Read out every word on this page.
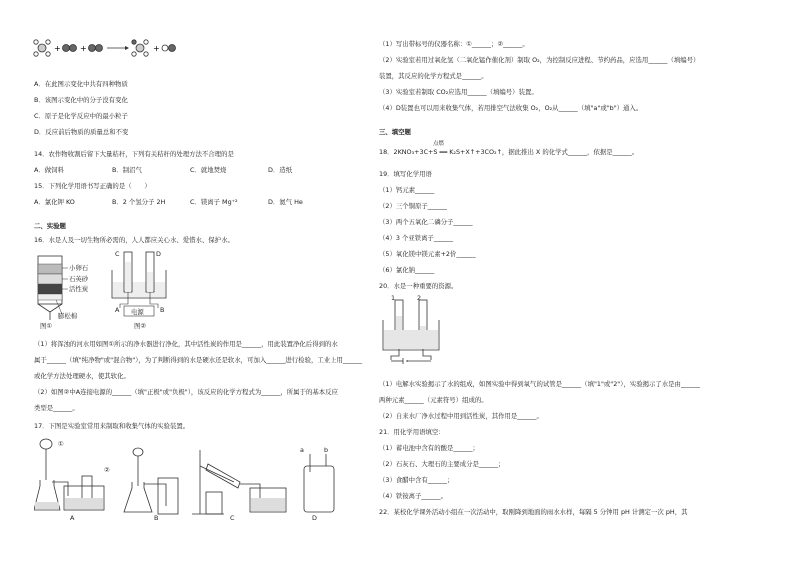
+ +	+
A．在此图示变化中共有四种物质
B．该图示变化中的分子没有变化
C．原子是化学反应中的最小粒子
D．反应前后物质的质量总和不变
14．农作物收割后留下大量秸秆，下列有关秸秆的处理方法不合理的是
A．做饲料	B．制沼气	C．就地焚烧	D．造纸
15．下列化学用语书写正确的是（　　）
A．氯化钾 KO	B．2 个氢分子 2H	C．镁离子 Mg⁺²	D．氦气 He
二、实验题
16．水是人及一切生物所必需的，人人都应关心水、爱惜水、保护水。
小卵石
石英砂
活性炭
膨松棉
图①
C	D
A	B
电源
图②
（1）将浑浊的河水用如图①所示的净水器进行净化，其中活性炭的作用是______，用此装置净化后得到的水
属于______（填"纯净物"或"混合物"），为了判断得到的水是硬水还是软水，可加入______进行检验，工业上用______
或化学方法处理硬水，使其软化。
（2）如图②中A连接电源的______（填"正极"或"负极"），该反应的化学方程式为______，所属于的基本反应
类型是______。
17．下图是实验室常用来制取和收集气体的实验装置。
A	B	C	D
①
②
a	b
（1）写出带标号的仪器名称：①______；②______。
（2）实验室若用过氧化氢（二氧化锰作催化剂）制取 O₂，为控制反应进程、节约药品，应选用______（填编号）
装置，其反应的化学方程式是______。
（3）实验室若制取 CO₂应选用______（填编号）装置。
（4）D装置也可以用来收集气体，若用排空气法收集 O₂，O₂从______（填"a"或"b"）通入。
三、填空题
点燃
18．2KNO₃+3C+S ══ K₂S+X↑+3CO₂↑，据此推出 X 的化学式______，依据是______。
19．填写化学用语
（1）钙元素______
（2）三个铜原子______
（3）两个五氧化二磷分子______
（4）3 个亚铁离子______
（5）氧化镁中镁元素+2价______
（6）氯化钠______
20．水是一种重要的资源。
1	2
（1）电解水实验揭示了水的组成，如图实验中得到氧气的试管是______（填"1"或"2"），实验揭示了水是由______
两种元素______（元素符号）组成的。
（2）自来水厂净水过程中用到活性炭，其作用是______。
21．用化学用语填空：
（1）蓄电池中含有的酸是______；
（2）石灰石、大理石的主要成分是______；
（3）食醋中含有______；
（4）铁铵离子______。
22．某校化学课外活动小组在一次活动中，取刚降到地面的雨水水样，每隔 5 分钟用 pH 计测定一次 pH，其
